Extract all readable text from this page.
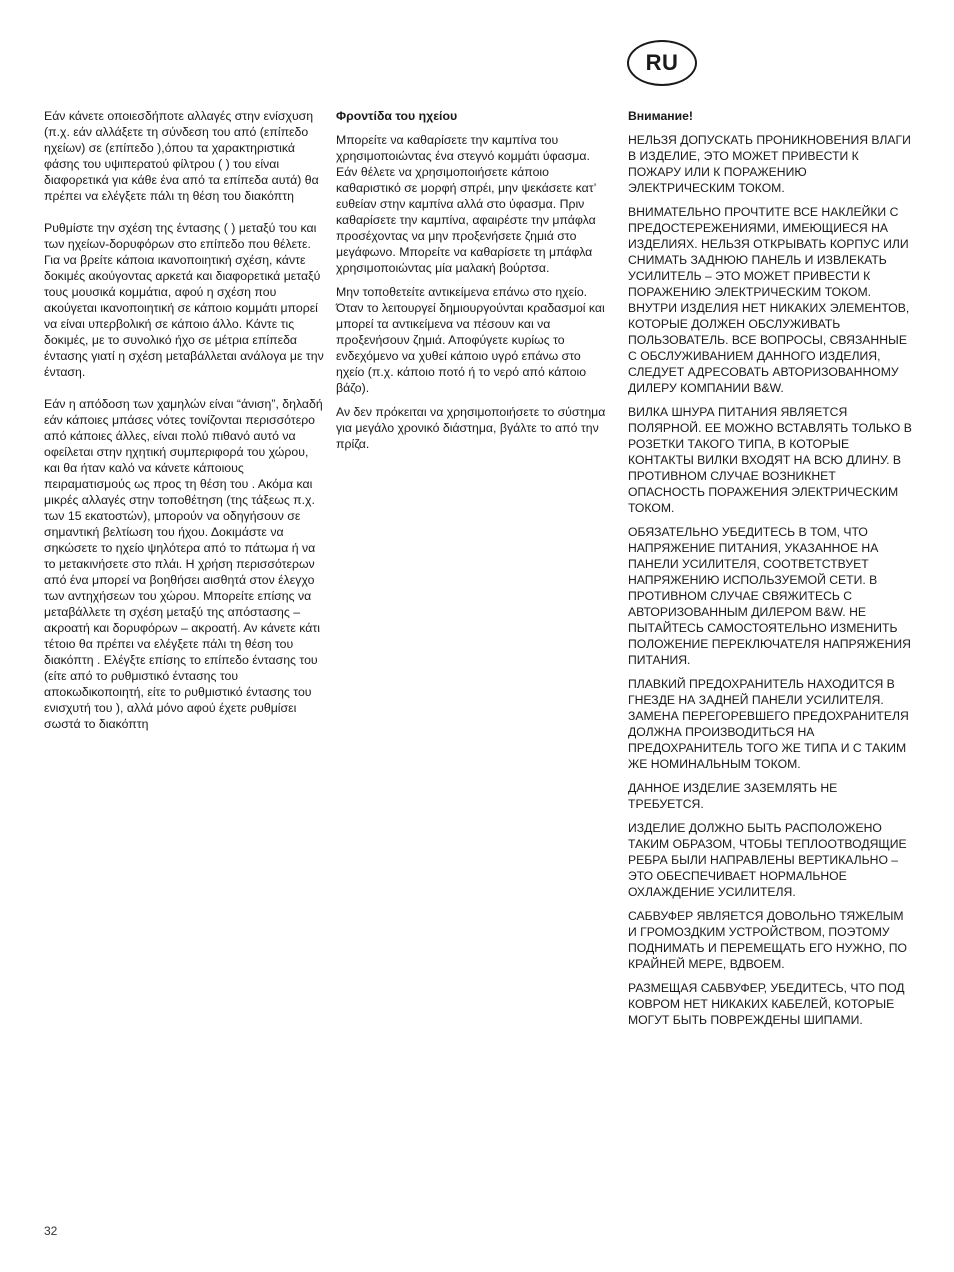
RU

Εάν κάνετε οποιεσδήποτε αλλαγές στην ενίσχυση (π.χ. εάν αλλάξετε τη σύνδεση του από (επίπεδο ηχείων) σε (επίπεδο ),όπου τα χαρακτηριστικά φάσης του υψιπερατού φίλτρου ( ) του είναι διαφορετικά για κάθε ένα από τα επίπεδα αυτά) θα πρέπει να ελέγξετε πάλι τη θέση του διακόπτη

Ρυθμίστε την σχέση της έντασης ( ) μεταξύ του και των ηχείων-δορυφόρων στο επίπεδο που θέλετε. Για να βρείτε κάποια ικανοποιητική σχέση, κάντε δοκιμές ακούγοντας αρκετά και διαφορετικά μεταξύ τους μουσικά κομμάτια, αφού η σχέση που ακούγεται ικανοποιητική σε κάποιο κομμάτι μπορεί να είναι υπερβολική σε κάποιο άλλο. Κάντε τις δοκιμές, με το συνολικό ήχο σε μέτρια επίπεδα έντασης γιατί η σχέση μεταβάλλεται ανάλογα με την ένταση.

Εάν η απόδοση των χαμηλών είναι “άνιση”, δηλαδή εάν κάποιες μπάσες νότες τονίζονται περισσότερο από κάποιες άλλες, είναι πολύ πιθανό αυτό να οφείλεται στην ηχητική συμπεριφορά του χώρου, και θα ήταν καλό να κάνετε κάποιους πειραματισμούς ως προς τη θέση του . Ακόμα και μικρές αλλαγές στην τοποθέτηση (της τάξεως π.χ. των 15 εκατοστών), μπορούν να οδηγήσουν σε σημαντική βελτίωση του ήχου. Δοκιμάστε να σηκώσετε το ηχείο ψηλότερα από το πάτωμα ή να το μετακινήσετε στο πλάι. Η χρήση περισσότερων από ένα μπορεί να βοηθήσει αισθητά στον έλεγχο των αντηχήσεων του χώρου. Μπορείτε επίσης να μεταβάλλετε τη σχέση μεταξύ της απόστασης – ακροατή και δορυφόρων – ακροατή. Αν κάνετε κάτι τέτοιο θα πρέπει να ελέγξετε πάλι τη θέση του διακόπτη . Ελέγξτε επίσης το επίπεδο έντασης του (είτε από το ρυθμιστικό έντασης του αποκωδικοποιητή, είτε το ρυθμιστικό έντασης του ενισχυτή του ), αλλά μόνο αφού έχετε ρυθμίσει σωστά το διακόπτη

Φροντίδα του ηχείου

Μπορείτε να καθαρίσετε την καμπίνα του χρησιμοποιώντας ένα στεγνό κομμάτι ύφασμα. Εάν θέλετε να χρησιμοποιήσετε κάποιο καθαριστικό σε μορφή σπρέι, μην ψεκάσετε κατ’ ευθείαν στην καμπίνα αλλά στο ύφασμα. Πριν καθαρίσετε την καμπίνα, αφαιρέστε την μπάφλα προσέχοντας να μην προξενήσετε ζημιά στο μεγάφωνο. Μπορείτε να καθαρίσετε τη μπάφλα χρησιμοποιώντας μία μαλακή βούρτσα.

Μην τοποθετείτε αντικείμενα επάνω στο ηχείο. Όταν το λειτουργεί δημιουργούνται κραδασμοί και μπορεί τα αντικείμενα να πέσουν και να προξενήσουν ζημιά. Αποφύγετε κυρίως το ενδεχόμενο να χυθεί κάποιο υγρό επάνω στο ηχείο (π.χ. κάποιο ποτό ή το νερό από κάποιο βάζο).

Αν δεν πρόκειται να χρησιμοποιήσετε το σύστημα για μεγάλο χρονικό διάστημα, βγάλτε το από την πρίζα.

Внимание!

НЕЛЬЗЯ ДОПУСКАТЬ ПРОНИКНОВЕНИЯ ВЛАГИ В ИЗДЕЛИЕ, ЭТО МОЖЕТ ПРИВЕСТИ К ПОЖАРУ ИЛИ К ПОРАЖЕНИЮ ЭЛЕКТРИЧЕСКИМ ТОКОМ.

ВНИМАТЕЛЬНО ПРОЧТИТЕ ВСЕ НАКЛЕЙКИ С ПРЕДОСТЕРЕЖЕНИЯМИ, ИМЕЮЩИЕСЯ НА ИЗДЕЛИЯХ. НЕЛЬЗЯ ОТКРЫВАТЬ КОРПУС ИЛИ СНИМАТЬ ЗАДНЮЮ ПАНЕЛЬ И ИЗВЛЕКАТЬ УСИЛИТЕЛЬ – ЭТО МОЖЕТ ПРИВЕСТИ К ПОРАЖЕНИЮ ЭЛЕКТРИЧЕСКИМ ТОКОМ. ВНУТРИ ИЗДЕЛИЯ НЕТ НИКАКИХ ЭЛЕМЕНТОВ, КОТОРЫЕ ДОЛЖЕН ОБСЛУЖИВАТЬ ПОЛЬЗОВАТЕЛЬ. ВСЕ ВОПРОСЫ, СВЯЗАННЫЕ С ОБСЛУЖИВАНИЕМ ДАННОГО ИЗДЕЛИЯ, СЛЕДУЕТ АДРЕСОВАТЬ АВТОРИЗОВАННОМУ ДИЛЕРУ КОМПАНИИ B&W.

ВИЛКА ШНУРА ПИТАНИЯ ЯВЛЯЕТСЯ ПОЛЯРНОЙ. ЕЕ МОЖНО ВСТАВЛЯТЬ ТОЛЬКО В РОЗЕТКИ ТАКОГО ТИПА, В КОТОРЫЕ КОНТАКТЫ ВИЛКИ ВХОДЯТ НА ВСЮ ДЛИНУ. В ПРОТИВНОМ СЛУЧАЕ ВОЗНИКНЕТ ОПАСНОСТЬ ПОРАЖЕНИЯ ЭЛЕКТРИЧЕСКИМ ТОКОМ.

ОБЯЗАТЕЛЬНО УБЕДИТЕСЬ В ТОМ, ЧТО НАПРЯЖЕНИЕ ПИТАНИЯ, УКАЗАННОЕ НА ПАНЕЛИ УСИЛИТЕЛЯ, СООТВЕТСТВУЕТ НАПРЯЖЕНИЮ ИСПОЛЬЗУЕМОЙ СЕТИ. В ПРОТИВНОМ СЛУЧАЕ СВЯЖИТЕСЬ С АВТОРИЗОВАННЫМ ДИЛЕРОМ B&W. НЕ ПЫТАЙТЕСЬ САМОСТОЯТЕЛЬНО ИЗМЕНИТЬ ПОЛОЖЕНИЕ ПЕРЕКЛЮЧАТЕЛЯ НАПРЯЖЕНИЯ ПИТАНИЯ.

ПЛАВКИЙ ПРЕДОХРАНИТЕЛЬ НАХОДИТСЯ В ГНЕЗДЕ НА ЗАДНЕЙ ПАНЕЛИ УСИЛИТЕЛЯ. ЗАМЕНА ПЕРЕГОРЕВШЕГО ПРЕДОХРАНИТЕЛЯ ДОЛЖНА ПРОИЗВОДИТЬСЯ НА ПРЕДОХРАНИТЕЛЬ ТОГО ЖЕ ТИПА И С ТАКИМ ЖЕ НОМИНАЛЬНЫМ ТОКОМ.

ДАННОЕ ИЗДЕЛИЕ ЗАЗЕМЛЯТЬ НЕ ТРЕБУЕТСЯ.

ИЗДЕЛИЕ ДОЛЖНО БЫТЬ РАСПОЛОЖЕНО ТАКИМ ОБРАЗОМ, ЧТОБЫ ТЕПЛООТВОДЯЩИЕ РЕБРА БЫЛИ НАПРАВЛЕНЫ ВЕРТИКАЛЬНО – ЭТО ОБЕСПЕЧИВАЕТ НОРМАЛЬНОЕ ОХЛАЖДЕНИЕ УСИЛИТЕЛЯ.

САБВУФЕР ЯВЛЯЕТСЯ ДОВОЛЬНО ТЯЖЕЛЫМ И ГРОМОЗДКИМ УСТРОЙСТВОМ, ПОЭТОМУ ПОДНИМАТЬ И ПЕРЕМЕЩАТЬ ЕГО НУЖНО, ПО КРАЙНЕЙ МЕРЕ, ВДВОЕМ.

РАЗМЕЩАЯ САБВУФЕР, УБЕДИТЕСЬ, ЧТО ПОД КОВРОМ НЕТ НИКАКИХ КАБЕЛЕЙ, КОТОРЫЕ МОГУТ БЫТЬ ПОВРЕЖДЕНЫ ШИПАМИ.

32
